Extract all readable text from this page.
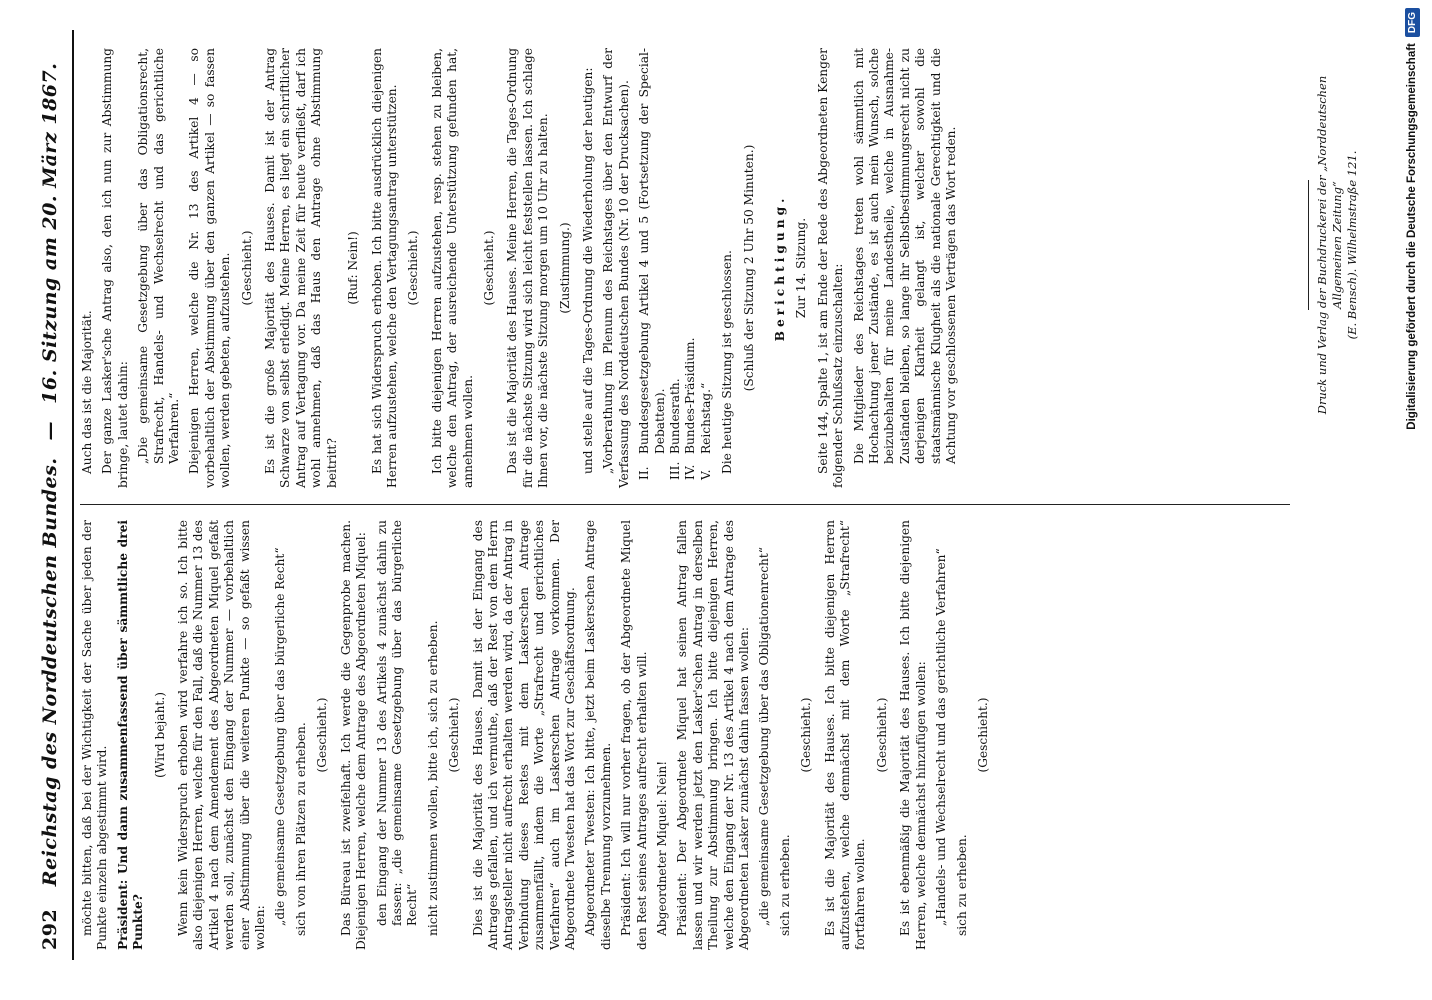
292
Reichstag des Norddeutschen Bundes. — 16. Sitzung am 20. März 1867.

möchte bitten, daß bei der Wichtigkeit der Sache über jeden der Punkte einzeln abgestimmt wird. Präsident: Und dann zusammenfassend über sämmtliche drei Punkte?

(Wird bejaht.) Wenn kein Widerspruch erhoben wird verfahre ich so. Ich bitte also diejenigen Herren, welche für den Fall, daß die Nummer 13 des Artikel 4 nach dem Amendement des Abgeordneten Miquel gefaßt werden soll, zunächst den Eingang der Nummer — vorbehaltlich einer Abstimmung über die weiteren Punkte — so gefaßt wissen wollen:

„die gemeinsame Gesetzgebung über das bürgerliche Recht“ sich von ihren Plätzen zu erheben. (Geschieht.) Das Büreau ist zweifelhaft. Ich werde die Gegenprobe machen. Diejenigen Herren, welche dem Antrage des Abgeordneten Miquel: den Eingang der Nummer 13 des Artikels 4 zunächst dahin zu fassen: „die gemeinsame Gesetzgebung über das bürgerliche Recht“ nicht zustimmen wollen, bitte ich, sich zu erheben. (Geschieht.) Dies ist die Majorität des Hauses. Damit ist der Eingang des Antrages gefallen, und ich vermuthe, daß der Rest von dem Herrn Antragsteller nicht aufrecht erhalten werden wird, da der Antrag in Verbindung dieses Restes mit dem Laskerschen Antrage zusammenfällt, indem die Worte „Strafrecht und gerichtliches Verfahren“ auch im Laskerschen Antrage vorkommen. Der Abgeordnete Twesten hat das Wort zur Geschäftsordnung. Abgeordneter Twesten: Ich bitte, jetzt beim Laskerschen Antrage dieselbe Trennung vorzunehmen. Präsident: Ich will nur vorher fragen, ob der Abgeordnete Miquel den Rest seines Antrages aufrecht erhalten will. Abgeordneter Miquel: Nein! Präsident: Der Abgeordnete Miquel hat seinen Antrag fallen lassen und wir werden jetzt den Lasker'schen Antrag in derselben Theilung zur Abstimmung bringen. Ich bitte diejenigen Herren, welche den Eingang der Nr. 13 des Artikel 4 nach dem Antrage des Abgeordneten Lasker zunächst dahin fassen wollen: „die gemeinsame Gesetzgebung über das Obligationenrecht“ sich zu erheben.

(Geschieht.) Es ist die Majorität des Hauses. Ich bitte diejenigen Herren aufzustehen, welche demnächst mit dem Worte „Strafrecht“ fortfahren wollen.

(Geschieht.) Es ist ebenmäßig die Majorität des Hauses. Ich bitte diejenigen Herren, welche demnächst hinzufügen wollen: „Handels- und Wechselrecht und das gerichtliche Verfahren“ sich zu erheben.

(Geschieht.)

Auch das ist die Majorität. Der ganze Lasker'sche Antrag also, den ich nun zur Abstimmung bringe, lautet dahin: „Die gemeinsame Gesetzgebung über das Obligationsrecht, Strafrecht, Handels- und Wechselrecht und das gerichtliche Verfahren.“ Diejenigen Herren, welche die Nr. 13 des Artikel 4 — so vorbehaltlich der Abstimmung über den ganzen Artikel — so fassen wollen, werden gebeten, aufzustehen. (Geschieht.) Es ist die große Majorität des Hauses. Damit ist der Antrag Schwarze von selbst erledigt. Meine Herren, es liegt ein schriftlicher Antrag auf Vertagung vor. Da meine Zeit für heute verfließt, darf ich wohl annehmen, daß das Haus den Antrage ohne Abstimmung beitritt?

(Ruf: Nein!) Es hat sich Widerspruch erhoben. Ich bitte ausdrücklich diejenigen Herren aufzustehen, welche den Vertagungsantrag unterstützen. (Geschieht.) Ich bitte diejenigen Herren aufzustehen, resp. stehen zu bleiben, welche den Antrag, der ausreichende Unterstützung gefunden hat, annehmen wollen.

(Geschieht.) Das ist die Majorität des Hauses. Meine Herren, die Tages-Ordnung für die nächste Sitzung wird sich leicht feststellen lassen. Ich schlage Ihnen vor, die nächste Sitzung morgen um 10 Uhr zu halten. (Zustimmung.) und stelle auf die Tages-Ordnung die Wiederholung der heutigen: „Vorberathung im Plenum des Reichstages über den Entwurf der Verfassung des Norddeutschen Bundes (Nr. 10 der Drucksachen). II.Bundesgesetzgebung Artikel 4 und 5 (Fortsetzung der Special-Debatten).
III.Bundesrath.
IV.Bundes-Präsidium.
V.Reichstag.“ Die heutige Sitzung ist geschlossen. (Schluß der Sitzung 2 Uhr 50 Minuten.) Berichtigung. Zur 14. Sitzung. Seite 144, Spalte 1, ist am Ende der Rede des Abgeordneten Kenger folgender Schlußsatz einzuschalten: Die Mitglieder des Reichstages treten wohl sämmtlich mit Hochachtung jener Zustände, es ist auch mein Wunsch, solche beizubehalten für meine Landestheile, welche in Ausnahme-Zuständen bleiben, so lange ihr Selbstbestimmungsrecht nicht zu derjenigen Klarheit gelangt ist, welcher sowohl die staatsmännische Klugheit als die nationale Gerechtigkeit und die Achtung vor geschlossenen Verträgen das Wort reden.	Druck und Verlag der Buchdruckerei der „Norddeutschen Allgemeinen Zeitung“ (E. Bensch). Wilhelmstraße 121.	Digitalisierung gefördert durch die Deutsche Forschungsgemeinschaft
DFG
